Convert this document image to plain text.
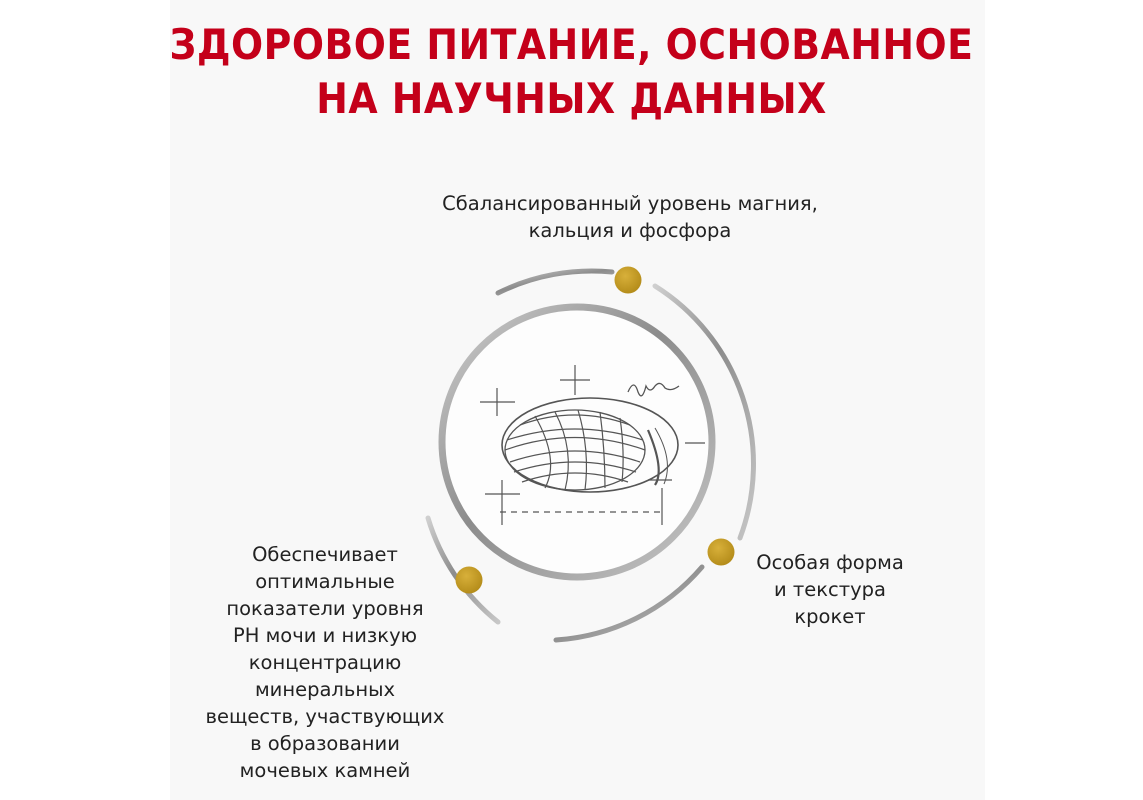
ЗДОРОВОЕ ПИТАНИЕ, ОСНОВАННОЕ
НА НАУЧНЫХ ДАННЫХ

Сбалансированный уровень магния,
кальция и фосфора

Особая форма
и текстура
крокет

Обеспечивает
оптимальные
показатели уровня
PH мочи и низкую
концентрацию
минеральных
веществ, участвующих
в образовании
мочевых камней
